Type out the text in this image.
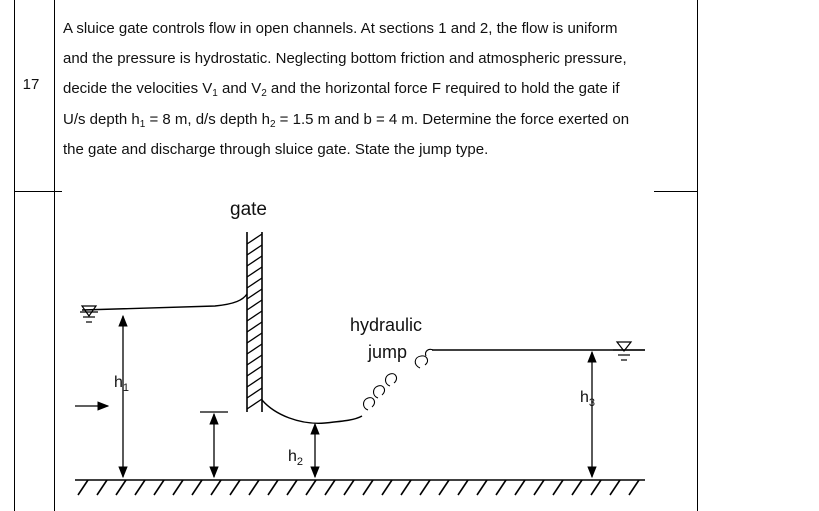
17
A sluice gate controls flow in open channels. At sections 1 and 2, the flow is uniform
and the pressure is hydrostatic. Neglecting bottom friction and atmospheric pressure,
decide the velocities $V_1$ and $V_2$ and the horizontal force F required to hold the gate if
U/s depth $h_1 = 8$ m, d/s depth $h_2 = 1.5$ m and b = 4 m. Determine the force exerted on
the gate and discharge through sluice gate. State the jump type.
gate
hydraulic
jump
$h_1$
$h_2$
$h_3$
